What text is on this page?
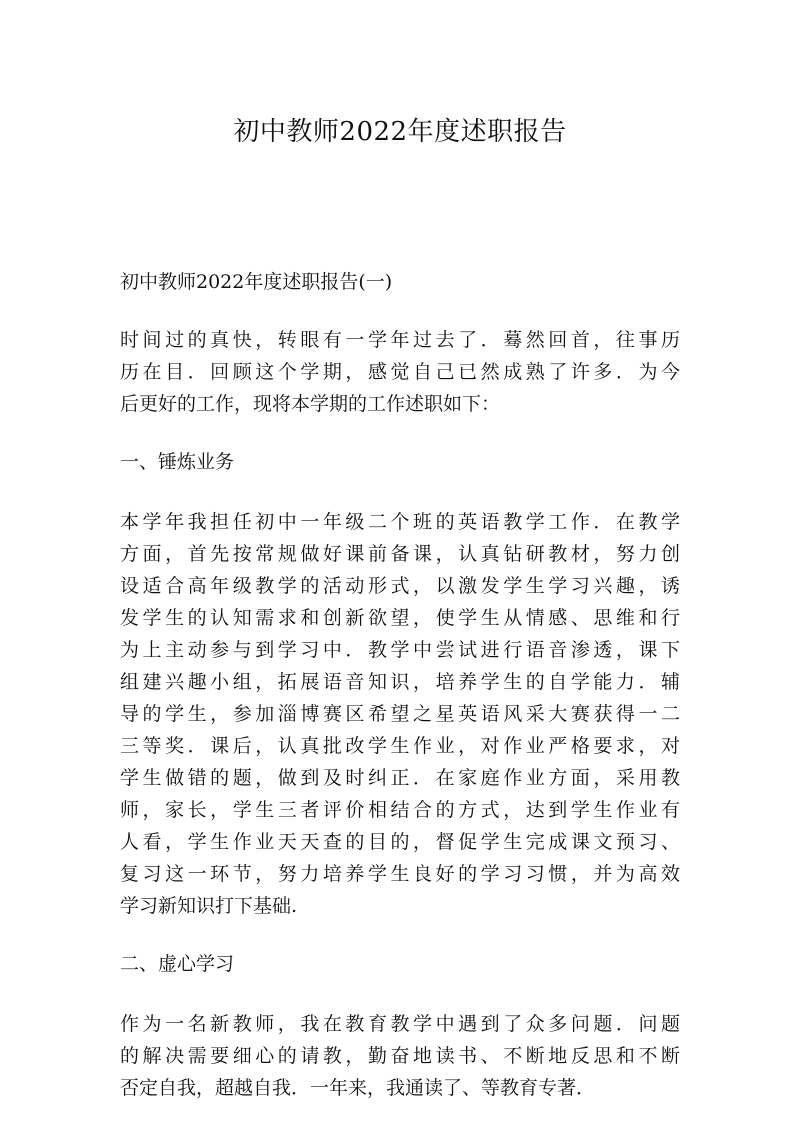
初中教师2022年度述职报告

初中教师2022年度述职报告(一)

时间过的真快，转眼有一学年过去了．蓦然回首，往事历
历在目．回顾这个学期，感觉自己已然成熟了许多．为今
后更好的工作，现将本学期的工作述职如下：

一、锤炼业务

本学年我担任初中一年级二个班的英语教学工作．在教学
方面，首先按常规做好课前备课，认真钻研教材，努力创
设适合高年级教学的活动形式，以激发学生学习兴趣，诱
发学生的认知需求和创新欲望，使学生从情感、思维和行
为上主动参与到学习中．教学中尝试进行语音渗透，课下
组建兴趣小组，拓展语音知识，培养学生的自学能力．辅
导的学生，参加淄博赛区希望之星英语风采大赛获得一二
三等奖．课后，认真批改学生作业，对作业严格要求，对
学生做错的题，做到及时纠正．在家庭作业方面，采用教
师，家长，学生三者评价相结合的方式，达到学生作业有
人看，学生作业天天查的目的，督促学生完成课文预习、
复习这一环节，努力培养学生良好的学习习惯，并为高效
学习新知识打下基础.

二、虚心学习

作为一名新教师，我在教育教学中遇到了众多问题．问题
的解决需要细心的请教，勤奋地读书、不断地反思和不断
否定自我，超越自我．一年来，我通读了、等教育专著．
